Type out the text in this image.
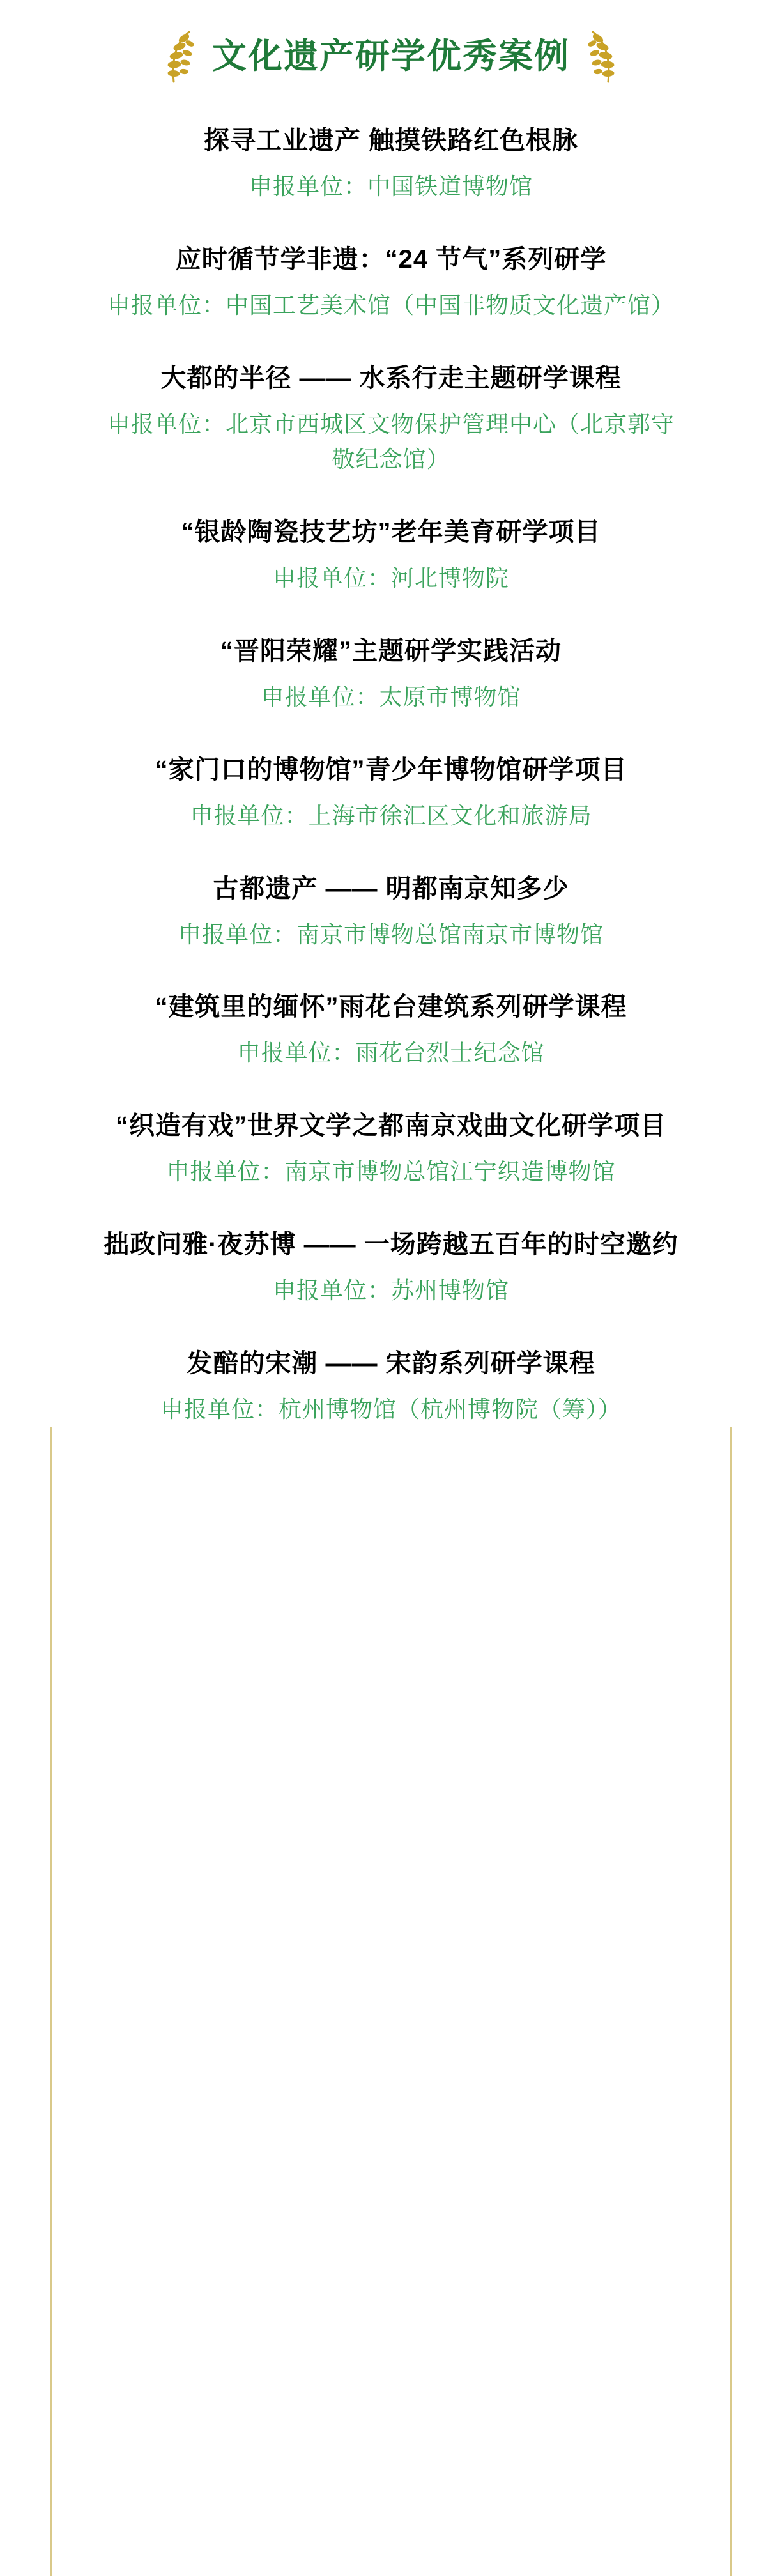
文化遗产研学优秀案例
探寻工业遗产 触摸铁路红色根脉
申报单位：中国铁道博物馆
应时循节学非遗：“24 节气”系列研学
申报单位：中国工艺美术馆（中国非物质文化遗产馆）
大都的半径 —— 水系行走主题研学课程
申报单位：北京市西城区文物保护管理中心（北京郭守敬纪念馆）
“银龄陶瓷技艺坊”老年美育研学项目
申报单位：河北博物院
“晋阳荣耀”主题研学实践活动
申报单位：太原市博物馆
“家门口的博物馆”青少年博物馆研学项目
申报单位：上海市徐汇区文化和旅游局
古都遗产 —— 明都南京知多少
申报单位：南京市博物总馆南京市博物馆
“建筑里的缅怀”雨花台建筑系列研学课程
申报单位：雨花台烈士纪念馆
“织造有戏”世界文学之都南京戏曲文化研学项目
申报单位：南京市博物总馆江宁织造博物馆
拙政问雅·夜苏博 —— 一场跨越五百年的时空邀约
申报单位：苏州博物馆
发醅的宋潮 —— 宋韵系列研学课程
申报单位：杭州博物馆（杭州博物院（筹））
